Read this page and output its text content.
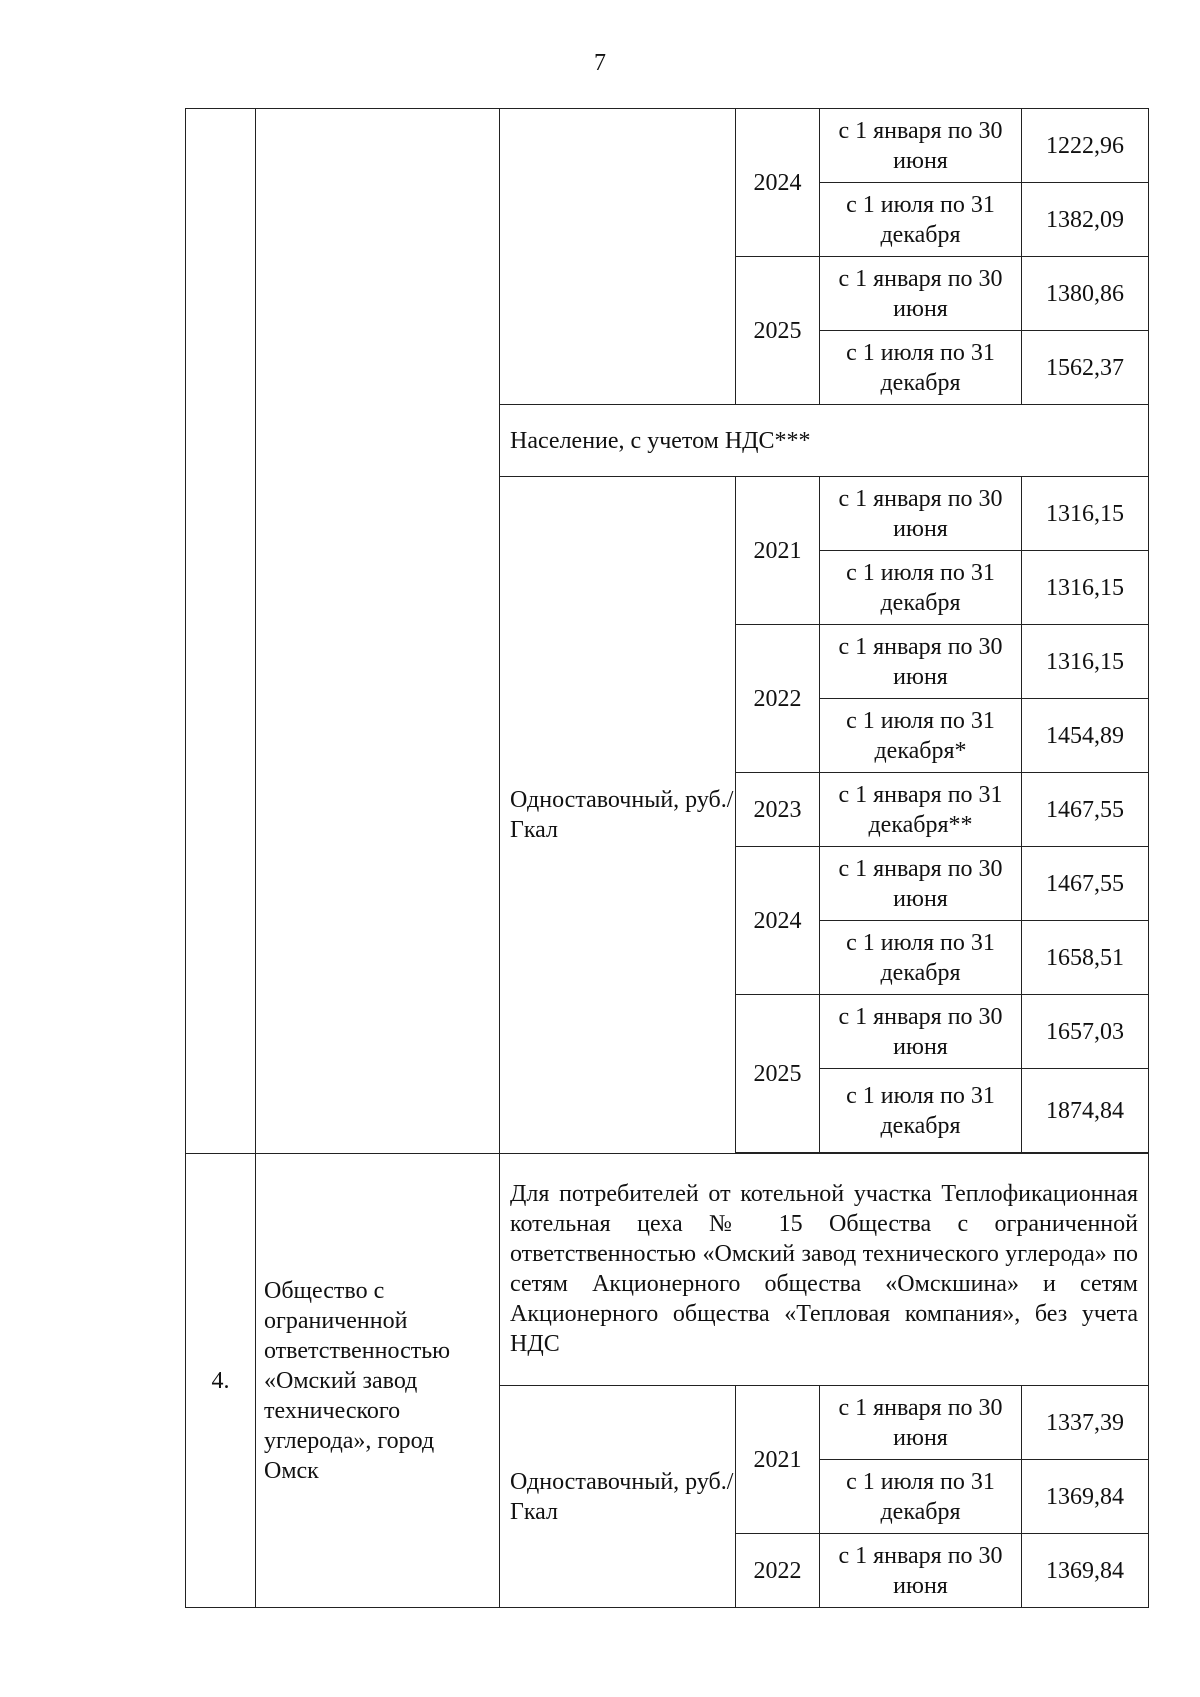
7
			2024	с 1 января по 30 июня	1222,96
				с 1 июля по 31 декабря	1382,09
			2025	с 1 января по 30 июня	1380,86
				с 1 июля по 31 декабря	1562,37
		Население, с учетом НДС***			
		Одноставочный, руб./Гкал	2021	с 1 января по 30 июня	1316,15
				с 1 июля по 31 декабря	1316,15
			2022	с 1 января по 30 июня	1316,15
				с 1 июля по 31 декабря*	1454,89
			2023	с 1 января по 31 декабря**	1467,55
			2024	с 1 января по 30 июня	1467,55
				с 1 июля по 31 декабря	1658,51
			2025	с 1 января по 30 июня	1657,03
				с 1 июля по 31 декабря	1874,84

4.	Общество с ограниченной ответственностью «Омский завод технического углерода», город Омск	Для потребителей от котельной участка Теплофикационная котельная цеха № 15 Общества с ограниченной ответственностью «Омский завод технического углерода» по сетям Акционерного общества «Омскшина» и сетям Акционерного общества «Тепловая компания», без учета НДС			
		Одноставочный, руб./Гкал	2021	с 1 января по 30 июня	1337,39
				с 1 июля по 31 декабря	1369,84
			2022	с 1 января по 30 июня	1369,84
